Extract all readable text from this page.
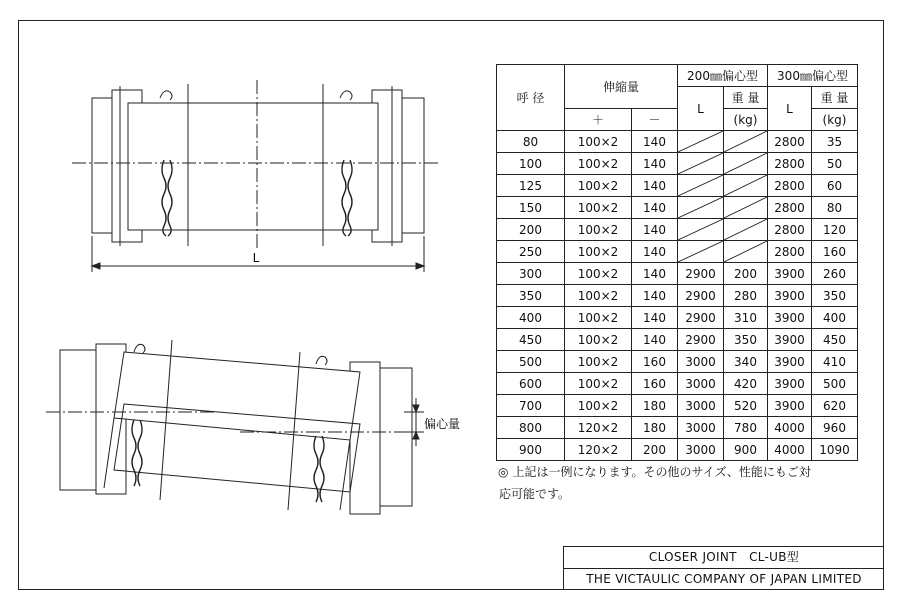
L
偏心量
呼 径	伸縮量		200㎜偏心型		300㎜偏心型	
			L	重 量	L	重 量
	＋	－		(kg)		(kg)
80	100×2	140			2800	35
100	100×2	140			2800	50
125	100×2	140			2800	60
150	100×2	140			2800	80
200	100×2	140			2800	120
250	100×2	140			2800	160
300	100×2	140	2900	200	3900	260
350	100×2	140	2900	280	3900	350
400	100×2	140	2900	310	3900	400
450	100×2	140	2900	350	3900	450
500	100×2	160	3000	340	3900	410
600	100×2	160	3000	420	3900	500
700	100×2	180	3000	520	3900	620
800	120×2	180	3000	780	4000	960
900	120×2	200	3000	900	4000	1090
◎ 上記は一例になります。その他のサイズ、性能にもご対
応可能です。
CLOSER JOINT　CL-UB型
THE VICTAULIC COMPANY OF JAPAN LIMITED
